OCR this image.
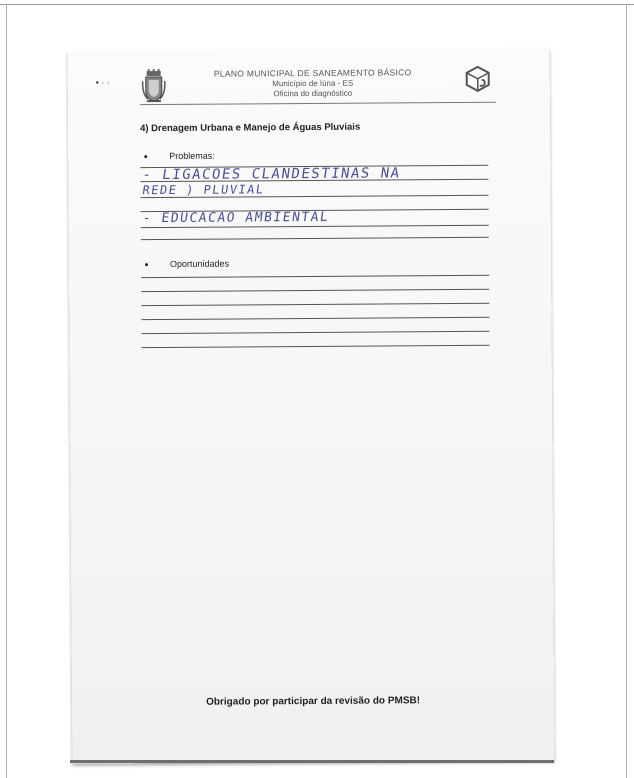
• · ·
PLANO MUNICIPAL DE SANEAMENTO BÁSICO
Município de Iúna - ES
Oficina do diagnóstico
4) Drenagem Urbana e Manejo de Águas Pluviais
Problemas:
- LIGACOES CLANDESTINAS NA
REDE ) PLUVIAL
- EDUCACAO AMBIENTAL
Oportunidades
Obrigado por participar da revisão do PMSB!
